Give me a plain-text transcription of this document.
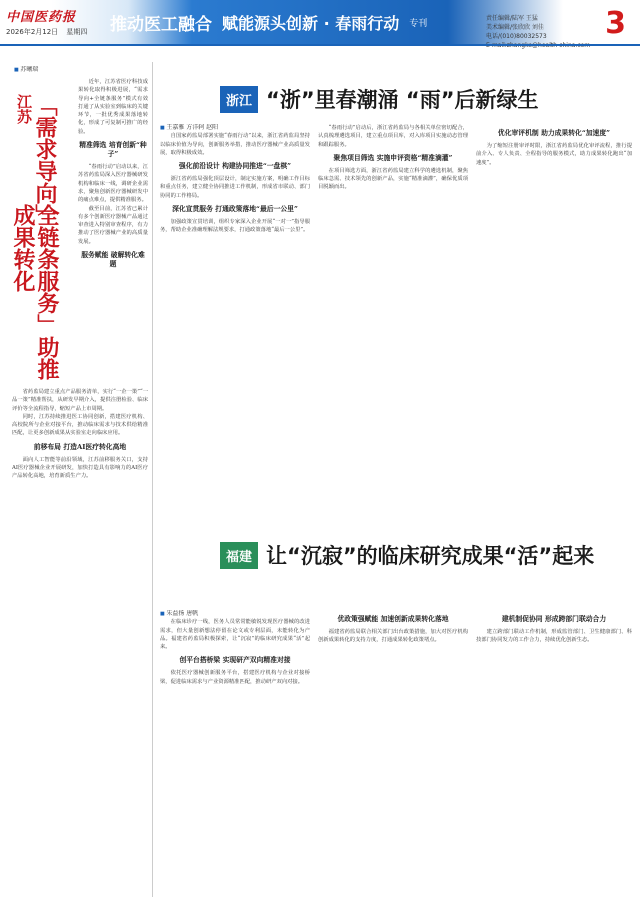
中国医药报
2026年2月12日 星期四	推动医工融合 赋能源头创新 · 春雨行动 专刊	责任编辑/陆军 王猛
美术编辑/张欣欣 刘佳
电话/(010)80032573	3
■ 苏曦瑞
江苏 「需求导向」
全链条服务」助推成果转化

近年，江苏省医疗科技成果转化取得积极进展，“需求导向+全链条服务”模式有效打通了从实验室到临床的关键环节，一批优秀成果落地转化，形成了可复制可推广的经验。

精准筛选 培育创新“种子”

“春雨行动”启动以来，江苏省药监局深入医疗器械研发机构和临床一线，调研企业需求，聚焦创新医疗器械研发中的痛点难点，提供精准服务。

截至目前，江苏省已累计有多个创新医疗器械产品通过审查进入特别审查程序，有力推动了医疗器械产业的高质量发展。

服务赋能 破解转化难题

省药监局建立重点产品服务清单，实行“一企一策”“一品一策”精准帮扶，从研发早期介入，提供注册检验、临床评价等全流程指导，缩短产品上市周期。

同时，江苏持续推进医工协同创新，搭建医疗机构、高校院所与企业对接平台，推动临床需求与技术供给精准匹配，让更多创新成果从实验室走向临床应用。

前移布局 打造AI医疗转化高地

面向人工智能等前沿领域，江苏前移服务关口，支持AI医疗器械企业开展研发，加快打造具有影响力的AI医疗产品转化高地，培育新质生产力。

浙江 “浙”里春潮涌 “雨”后新绿生
■ 王嘉雅 方洋轲 赵阳

自国家药监局部署实施“春雨行动”以来，浙江省药监局坚持以临床价值为导向，创新服务举措，推动医疗器械产业高质量发展，取得积极成效。

强化前沿设计 构建协同推进“一盘棋”

浙江省药监局强化顶层设计，制定实施方案，明确工作目标和重点任务，建立健全协同推进工作机制，形成省市联动、部门协同的工作格局。

深化宣贯服务 打通政策落地“最后一公里”

加强政策宣贯培训，组织专家深入企业开展“一对一”指导服务，帮助企业准确理解法规要求，打通政策落地“最后一公里”。

“春雨行动”启动后，浙江省药监局与各相关单位密切配合，认真梳理遴选项目，建立重点项目库，对入库项目实施动态管理和跟踪服务。

聚焦项目筛选 实施申评资格“精准滴灌”

在项目筛选方面，浙江省药监局建立科学的遴选机制，聚焦临床急需、技术领先的创新产品，实施“精准滴灌”，确保优质项目脱颖而出。

优化审评机制 助力成果转化“加速度”

为了缩短注册审评时限，浙江省药监局优化审评流程，推行提前介入、专人负责、全程指导的服务模式，助力成果转化跑出“加速度”。

福建 让“沉寂”的临床研究成果“活”起来
■ 朱益扬 唐帆

在临床诊疗一线，医务人员常常能敏锐发现医疗器械的改进需求，但大量创新想法停留在论文或专利层面，未能转化为产品。福建省药监局积极探索，让“沉寂”的临床研究成果“活”起来。

创平台搭桥梁 实现研产双向精准对接

依托医疗器械创新服务平台，搭建医疗机构与企业对接桥梁，促进临床需求与产业资源精准匹配，推动研产双向对接。

优政策强赋能 加速创新成果转化落地

福建省药监局联合相关部门出台政策措施，加大对医疗机构创新成果转化的支持力度，打通成果转化政策堵点。

建机制促协同 形成跨部门联动合力

建立跨部门联动工作机制，形成监管部门、卫生健康部门、科技部门协同发力的工作合力，持续优化创新生态。
